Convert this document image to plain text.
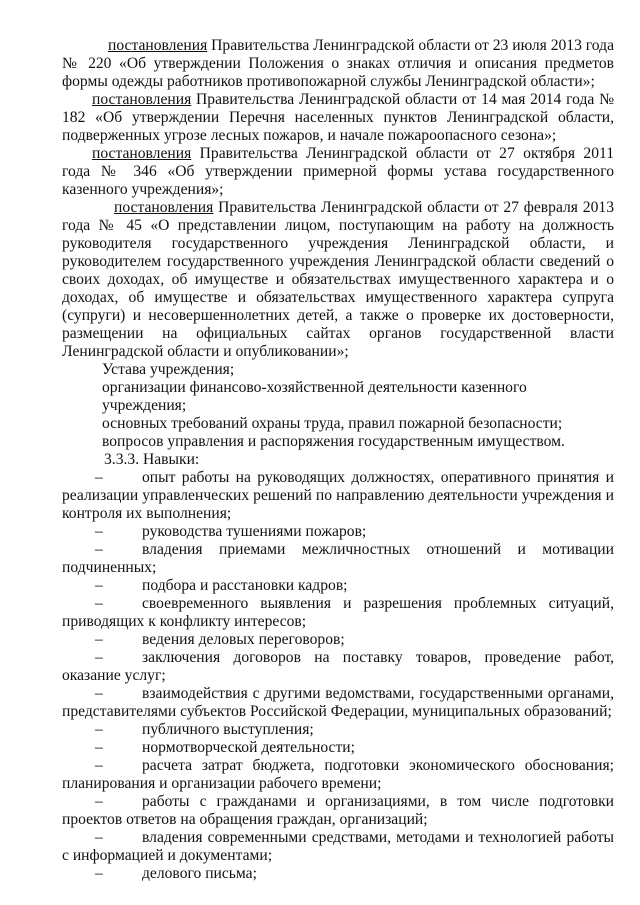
постановления Правительства Ленинградской области от 23 июля 2013 года № 220 «Об утверждении Положения о знаках отличия и описания предметов формы одежды работников противопожарной службы Ленинградской области»;

постановления Правительства Ленинградской области от 14 мая 2014 года № 182 «Об утверждении Перечня населенных пунктов Ленинградской области, подверженных угрозе лесных пожаров, и начале пожароопасного сезона»;

постановления Правительства Ленинградской области от 27 октября 2011 года № 346 «Об утверждении примерной формы устава государственного казенного учреждения»;

постановления Правительства Ленинградской области от 27 февраля 2013 года № 45 «О представлении лицом, поступающим на работу на должность руководителя государственного учреждения Ленинградской области, и руководителем государственного учреждения Ленинградской области сведений о своих доходах, об имуществе и обязательствах имущественного характера и о доходах, об имуществе и обязательствах имущественного характера супруга (супруги) и несовершеннолетних детей, а также о проверке их достоверности, размещении на официальных сайтах органов государственной власти Ленинградской области и опубликовании»;

Устава учреждения;

организации финансово-хозяйственной деятельности казенного учреждения;

основных требований охраны труда, правил пожарной безопасности;

вопросов управления и распоряжения государственным имуществом.

3.3.3. Навыки:

–	опыт работы на руководящих должностях, оперативного принятия и реализации управленческих решений по направлению деятельности учреждения и контроля их выполнения;

–	руководства тушениями пожаров;

–	владения приемами межличностных отношений и мотивации подчиненных;

–	подбора и расстановки кадров;

–	своевременного выявления и разрешения проблемных ситуаций, приводящих к конфликту интересов;

–	ведения деловых переговоров;

–	заключения договоров на поставку товаров, проведение работ, оказание услуг;

–	взаимодействия с другими ведомствами, государственными органами, представителями субъектов Российской Федерации, муниципальных образований;

–	публичного выступления;

–	нормотворческой деятельности;

–	расчета затрат бюджета, подготовки экономического обоснования; планирования и организации рабочего времени;

–	работы с гражданами и организациями, в том числе подготовки проектов ответов на обращения граждан, организаций;

–	владения современными средствами, методами и технологией работы с информацией и документами;

–	делового письма;
